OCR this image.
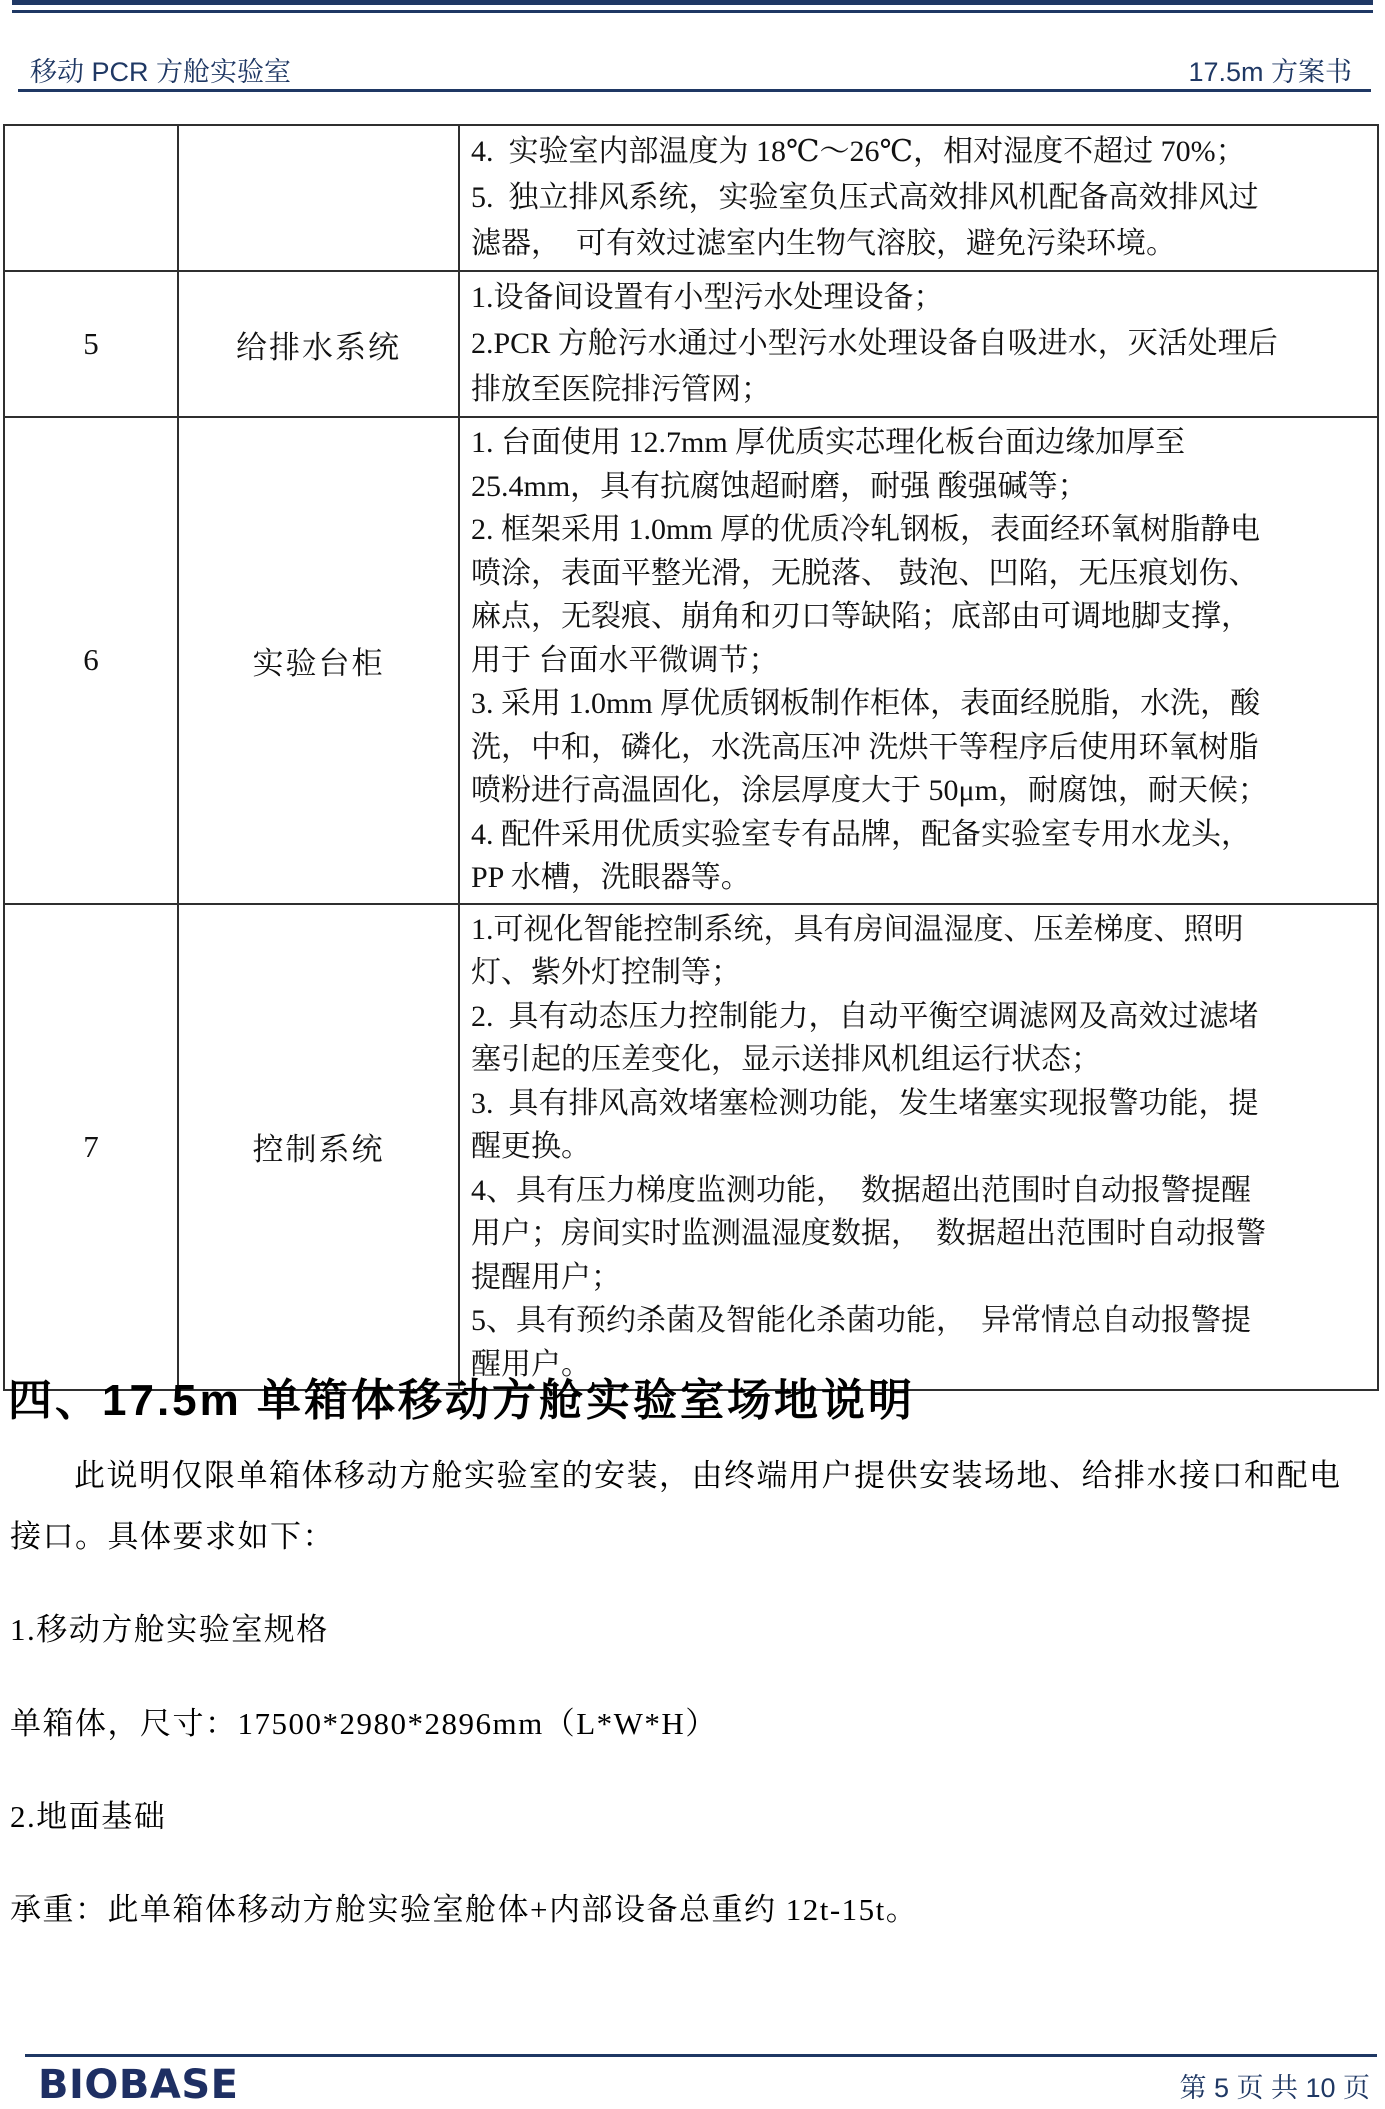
移动 PCR 方舱实验室	17.5m 方案书

		4.  实验室内部温度为 18℃～26℃，相对湿度不超过 70%；
5.  独立排风系统，实验室负压式高效排风机配备高效排风过
滤器，  可有效过滤室内生物气溶胶，避免污染环境。

5	给排水系统	1.设备间设置有小型污水处理设备；
2.PCR 方舱污水通过小型污水处理设备自吸进水，灭活处理后
排放至医院排污管网；

6	实验台柜	
1. 台面使用 12.7mm 厚优质实芯理化板台面边缘加厚至
25.4mm，具有抗腐蚀超耐磨，耐强 酸强碱等；
2. 框架采用 1.0mm 厚的优质冷轧钢板，表面经环氧树脂静电
喷涂，表面平整光滑，无脱落、 鼓泡、凹陷，无压痕划伤、
麻点，无裂痕、崩角和刃口等缺陷；底部由可调地脚支撑，
用于 台面水平微调节；
3. 采用 1.0mm 厚优质钢板制作柜体，表面经脱脂，水洗，酸
洗，中和，磷化，水洗高压冲 洗烘干等程序后使用环氧树脂
喷粉进行高温固化，涂层厚度大于 50μm，耐腐蚀，耐天候；
4. 配件采用优质实验室专有品牌，配备实验室专用水龙头，
PP 水槽，洗眼器等。

7	控制系统	
1.可视化智能控制系统，具有房间温湿度、压差梯度、照明
灯、紫外灯控制等；
2.  具有动态压力控制能力，自动平衡空调滤网及高效过滤堵
塞引起的压差变化，显示送排风机组运行状态；
3.  具有排风高效堵塞检测功能，发生堵塞实现报警功能，提
醒更换。
4、具有压力梯度监测功能，  数据超出范围时自动报警提醒
用户；房间实时监测温湿度数据，  数据超出范围时自动报警
提醒用户；
5、具有预约杀菌及智能化杀菌功能，  异常情总自动报警提
醒用户。
四、17.5m 单箱体移动方舱实验室场地说明
此说明仅限单箱体移动方舱实验室的安装，由终端用户提供安装场地、给排水接口和配电
接口。具体要求如下：
1.移动方舱实验室规格
单箱体，尺寸：17500*2980*2896mm（L*W*H）
2.地面基础
承重：此单箱体移动方舱实验室舱体+内部设备总重约 12t-15t。
BIOBASE	第 5 页 共 10 页
